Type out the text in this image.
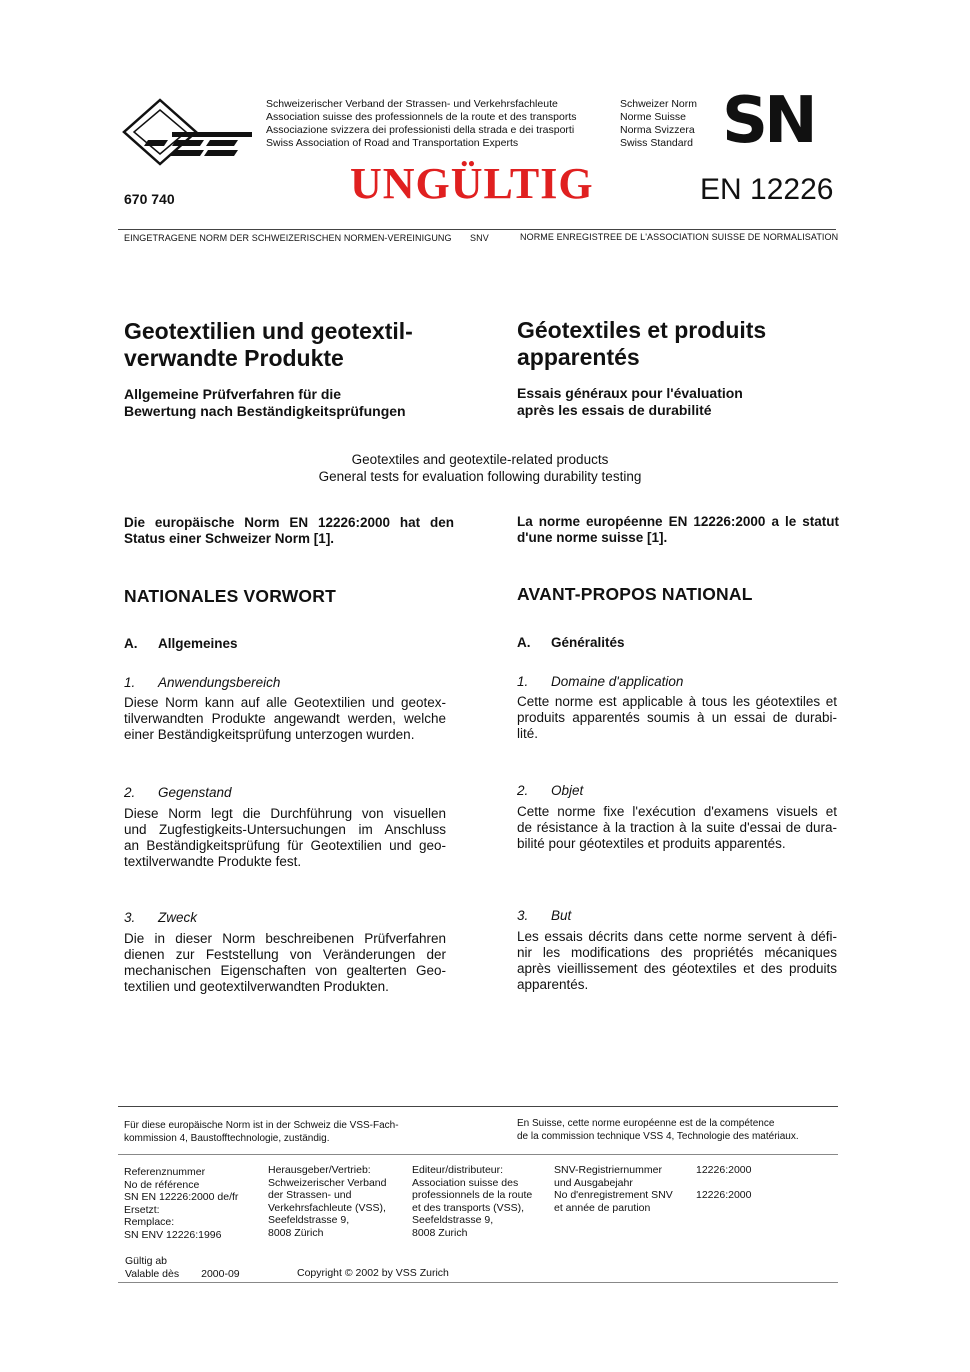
Schweizerischer Verband der Strassen- und Verkehrsfachleute
Association suisse des professionnels de la route et des transports
Associazione svizzera dei professionisti della strada e dei trasporti
Swiss Association of Road and Transportation Experts
Schweizer Norm
Norme Suisse
Norma Svizzera
Swiss Standard SN
670 740	UNGÜLTIG	EN 12226
EINGETRAGENE NORM DER SCHWEIZERISCHEN NORMEN-VEREINIGUNG SNV	NORME ENREGISTREE DE L'ASSOCIATION SUISSE DE NORMALISATION
Geotextilien und geotextil-
verwandte Produkte
Allgemeine Prüfverfahren für die
Bewertung nach Beständigkeitsprüfungen
Géotextiles et produits
apparentés
Essais généraux pour l'évaluation
après les essais de durabilité
Geotextiles and geotextile-related products
General tests for evaluation following durability testing
Die europäische Norm EN 12226:2000 hat den
Status einer Schweizer Norm [1].
La norme européenne EN 12226:2000 a le statut
d'une norme suisse [1].
NATIONALES VORWORT	AVANT-PROPOS NATIONAL
A. Allgemeines	A. Généralités
1. Anwendungsbereich
Diese Norm kann auf alle Geotextilien und geotex-
tilverwandten Produkte angewandt werden, welche
einer Beständigkeitsprüfung unterzogen wurden.
2. Gegenstand
Diese Norm legt die Durchführung von visuellen
und Zugfestigkeits-Untersuchungen im Anschluss
an Beständigkeitsprüfung für Geotextilien und geo-
textilverwandte Produkte fest.
3. Zweck
Die in dieser Norm beschreibenen Prüfverfahren
dienen zur Feststellung von Veränderungen der
mechanischen Eigenschaften von gealterten Geo-
textilien und geotextilverwandten Produkten.
1. Domaine d'application
Cette norme est applicable à tous les géotextiles et
produits apparentés soumis à un essai de durabi-
lité.
2. Objet
Cette norme fixe l'exécution d'examens visuels et
de résistance à la traction à la suite d'essai de dura-
bilité pour géotextiles et produits apparentés.
3. But
Les essais décrits dans cette norme servent à défi-
nir les modifications des propriétés mécaniques
après vieillissement des géotextiles et des produits
apparentés.
Für diese europäische Norm ist in der Schweiz die VSS-Fach-
kommission 4, Baustofftechnologie, zuständig.
En Suisse, cette norme européenne est de la compétence
de la commission technique VSS 4, Technologie des matériaux.
Referenznummer
No de référence
SN EN 12226:2000 de/fr
Ersetzt:
Remplace:
SN ENV 12226:1996
Herausgeber/Vertrieb:
Schweizerischer Verband
der Strassen- und
Verkehrsfachleute (VSS),
Seefeldstrasse 9,
8008 Zürich
Editeur/distributeur:
Association suisse des
professionnels de la route
et des transports (VSS),
Seefeldstrasse 9,
8008 Zurich
SNV-Registriernummer
und Ausgabejahr
No d'enregistrement SNV
et année de parution
12226:2000
12226:2000
Gültig ab
Valable dès 2000-09	Copyright © 2002 by VSS Zurich
